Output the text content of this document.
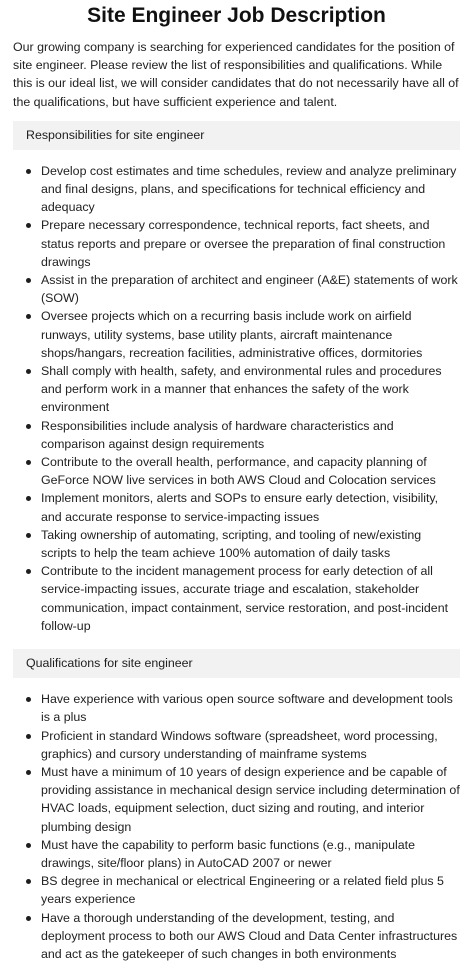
Site Engineer Job Description

Our growing company is searching for experienced candidates for the position of site engineer. Please review the list of responsibilities and qualifications. While this is our ideal list, we will consider candidates that do not necessarily have all of the qualifications, but have sufficient experience and talent.

Responsibilities for site engineer
Develop cost estimates and time schedules, review and analyze preliminary and final designs, plans, and specifications for technical efficiency and adequacy
Prepare necessary correspondence, technical reports, fact sheets, and status reports and prepare or oversee the preparation of final construction drawings
Assist in the preparation of architect and engineer (A&E) statements of work (SOW)
Oversee projects which on a recurring basis include work on airfield runways, utility systems, base utility plants, aircraft maintenance shops/hangars, recreation facilities, administrative offices, dormitories
Shall comply with health, safety, and environmental rules and procedures and perform work in a manner that enhances the safety of the work environment
Responsibilities include analysis of hardware characteristics and comparison against design requirements
Contribute to the overall health, performance, and capacity planning of GeForce NOW live services in both AWS Cloud and Colocation services
Implement monitors, alerts and SOPs to ensure early detection, visibility, and accurate response to service-impacting issues
Taking ownership of automating, scripting, and tooling of new/existing scripts to help the team achieve 100% automation of daily tasks
Contribute to the incident management process for early detection of all service-impacting issues, accurate triage and escalation, stakeholder communication, impact containment, service restoration, and post-incident follow-up
Qualifications for site engineer
Have experience with various open source software and development tools is a plus
Proficient in standard Windows software (spreadsheet, word processing, graphics) and cursory understanding of mainframe systems
Must have a minimum of 10 years of design experience and be capable of providing assistance in mechanical design service including determination of HVAC loads, equipment selection, duct sizing and routing, and interior plumbing design
Must have the capability to perform basic functions (e.g., manipulate drawings, site/floor plans) in AutoCAD 2007 or newer
BS degree in mechanical or electrical Engineering or a related field plus 5 years experience
Have a thorough understanding of the development, testing, and deployment process to both our AWS Cloud and Data Center infrastructures and act as the gatekeeper of such changes in both environments
